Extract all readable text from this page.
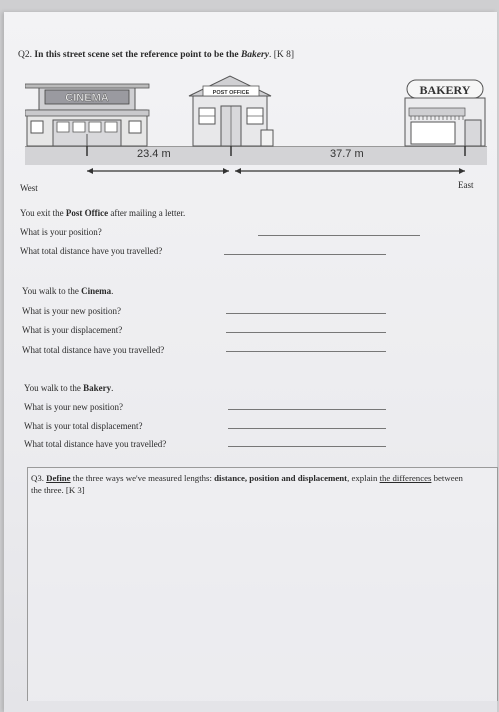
Q2. In this street scene set the reference point to be the Bakery. [K 8]
CINEMA	POST OFFICE	BAKERY
23.4 m	37.7 m
West	East
You exit the Post Office after mailing a letter.
What is your position?
What total distance have you travelled?
You walk to the Cinema.
What is your new position?
What is your displacement?
What total distance have you travelled?
You walk to the Bakery.
What is your new position?
What is your total displacement?
What total distance have you travelled?
Q3. Define the three ways we've measured lengths: distance, position and displacement, explain the differences between the three. [K 3]
